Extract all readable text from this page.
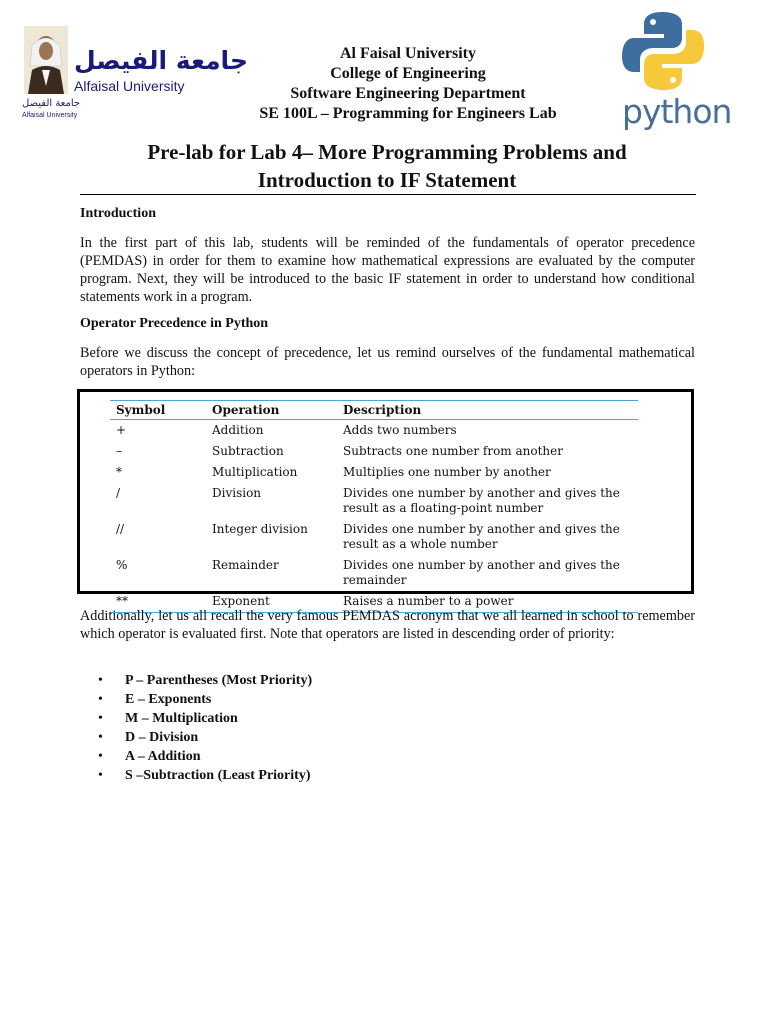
جامعة الفيصل
Alfaisal University
جامعة الفيصل
Alfaisal University	python
Al Faisal University
College of Engineering
Software Engineering Department
SE 100L – Programming for Engineers Lab
Pre-lab for Lab 4– More Programming Problems and
Introduction to IF Statement
Introduction
In the first part of this lab, students will be reminded of the fundamentals of operator precedence (PEMDAS) in order for them to examine how mathematical expressions are evaluated by the computer program. Next, they will be introduced to the basic IF statement in order to understand how conditional statements work in a program.
Operator Precedence in Python
Before we discuss the concept of precedence, let us remind ourselves of the fundamental mathematical operators in Python:
Symbol	Operation	Description
+	Addition	Adds two numbers
–	Subtraction	Subtracts one number from another
*	Multiplication	Multiplies one number by another
/	Division	Divides one number by another and gives the result as a floating-point number
//	Integer division	Divides one number by another and gives the result as a whole number
%	Remainder	Divides one number by another and gives the remainder
**	Exponent	Raises a number to a power
Additionally, let us all recall the very famous PEMDAS acronym that we all learned in school to remember which operator is evaluated first. Note that operators are listed in descending order of priority:
• P – Parentheses (Most Priority)
• E – Exponents
• M – Multiplication
• D – Division
• A – Addition
• S –Subtraction (Least Priority)
